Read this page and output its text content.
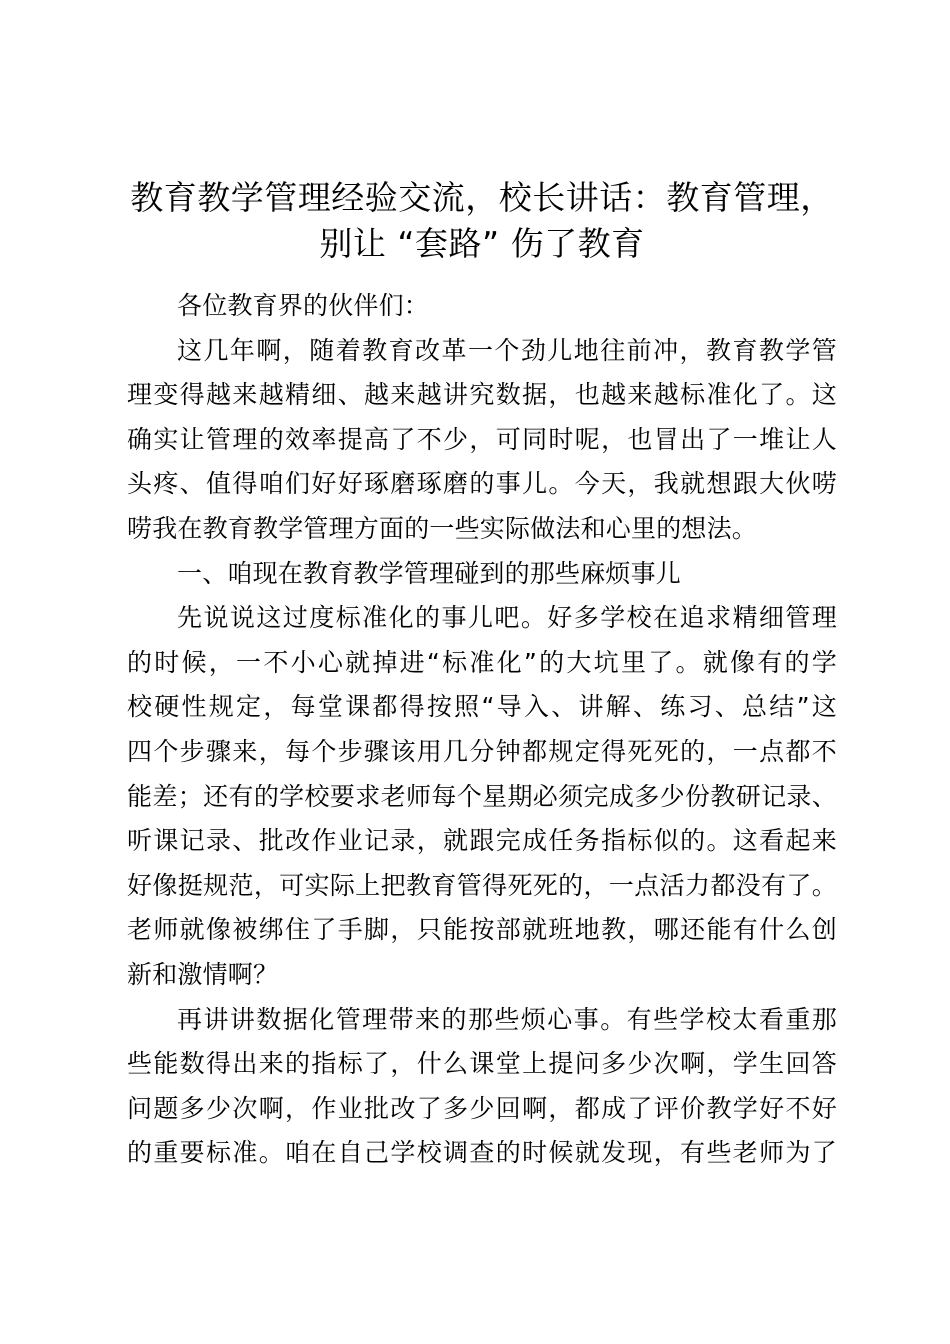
教育教学管理经验交流，校长讲话：教育管理，
别让 “套路” 伤了教育
各位教育界的伙伴们：
这几年啊，随着教育改革一个劲儿地往前冲，教育教学管
理变得越来越精细、越来越讲究数据，也越来越标准化了。这
确实让管理的效率提高了不少，可同时呢，也冒出了一堆让人
头疼、值得咱们好好琢磨琢磨的事儿。今天，我就想跟大伙唠
唠我在教育教学管理方面的一些实际做法和心里的想法。
一、咱现在教育教学管理碰到的那些麻烦事儿
先说说这过度标准化的事儿吧。好多学校在追求精细管理
的时候，一不小心就掉进“标准化”的大坑里了。就像有的学
校硬性规定，每堂课都得按照“导入、讲解、练习、总结”这
四个步骤来，每个步骤该用几分钟都规定得死死的，一点都不
能差；还有的学校要求老师每个星期必须完成多少份教研记录、
听课记录、批改作业记录，就跟完成任务指标似的。这看起来
好像挺规范，可实际上把教育管得死死的，一点活力都没有了。
老师就像被绑住了手脚，只能按部就班地教，哪还能有什么创
新和激情啊？
再讲讲数据化管理带来的那些烦心事。有些学校太看重那
些能数得出来的指标了，什么课堂上提问多少次啊，学生回答
问题多少次啊，作业批改了多少回啊，都成了评价教学好不好
的重要标准。咱在自己学校调查的时候就发现，有些老师为了
